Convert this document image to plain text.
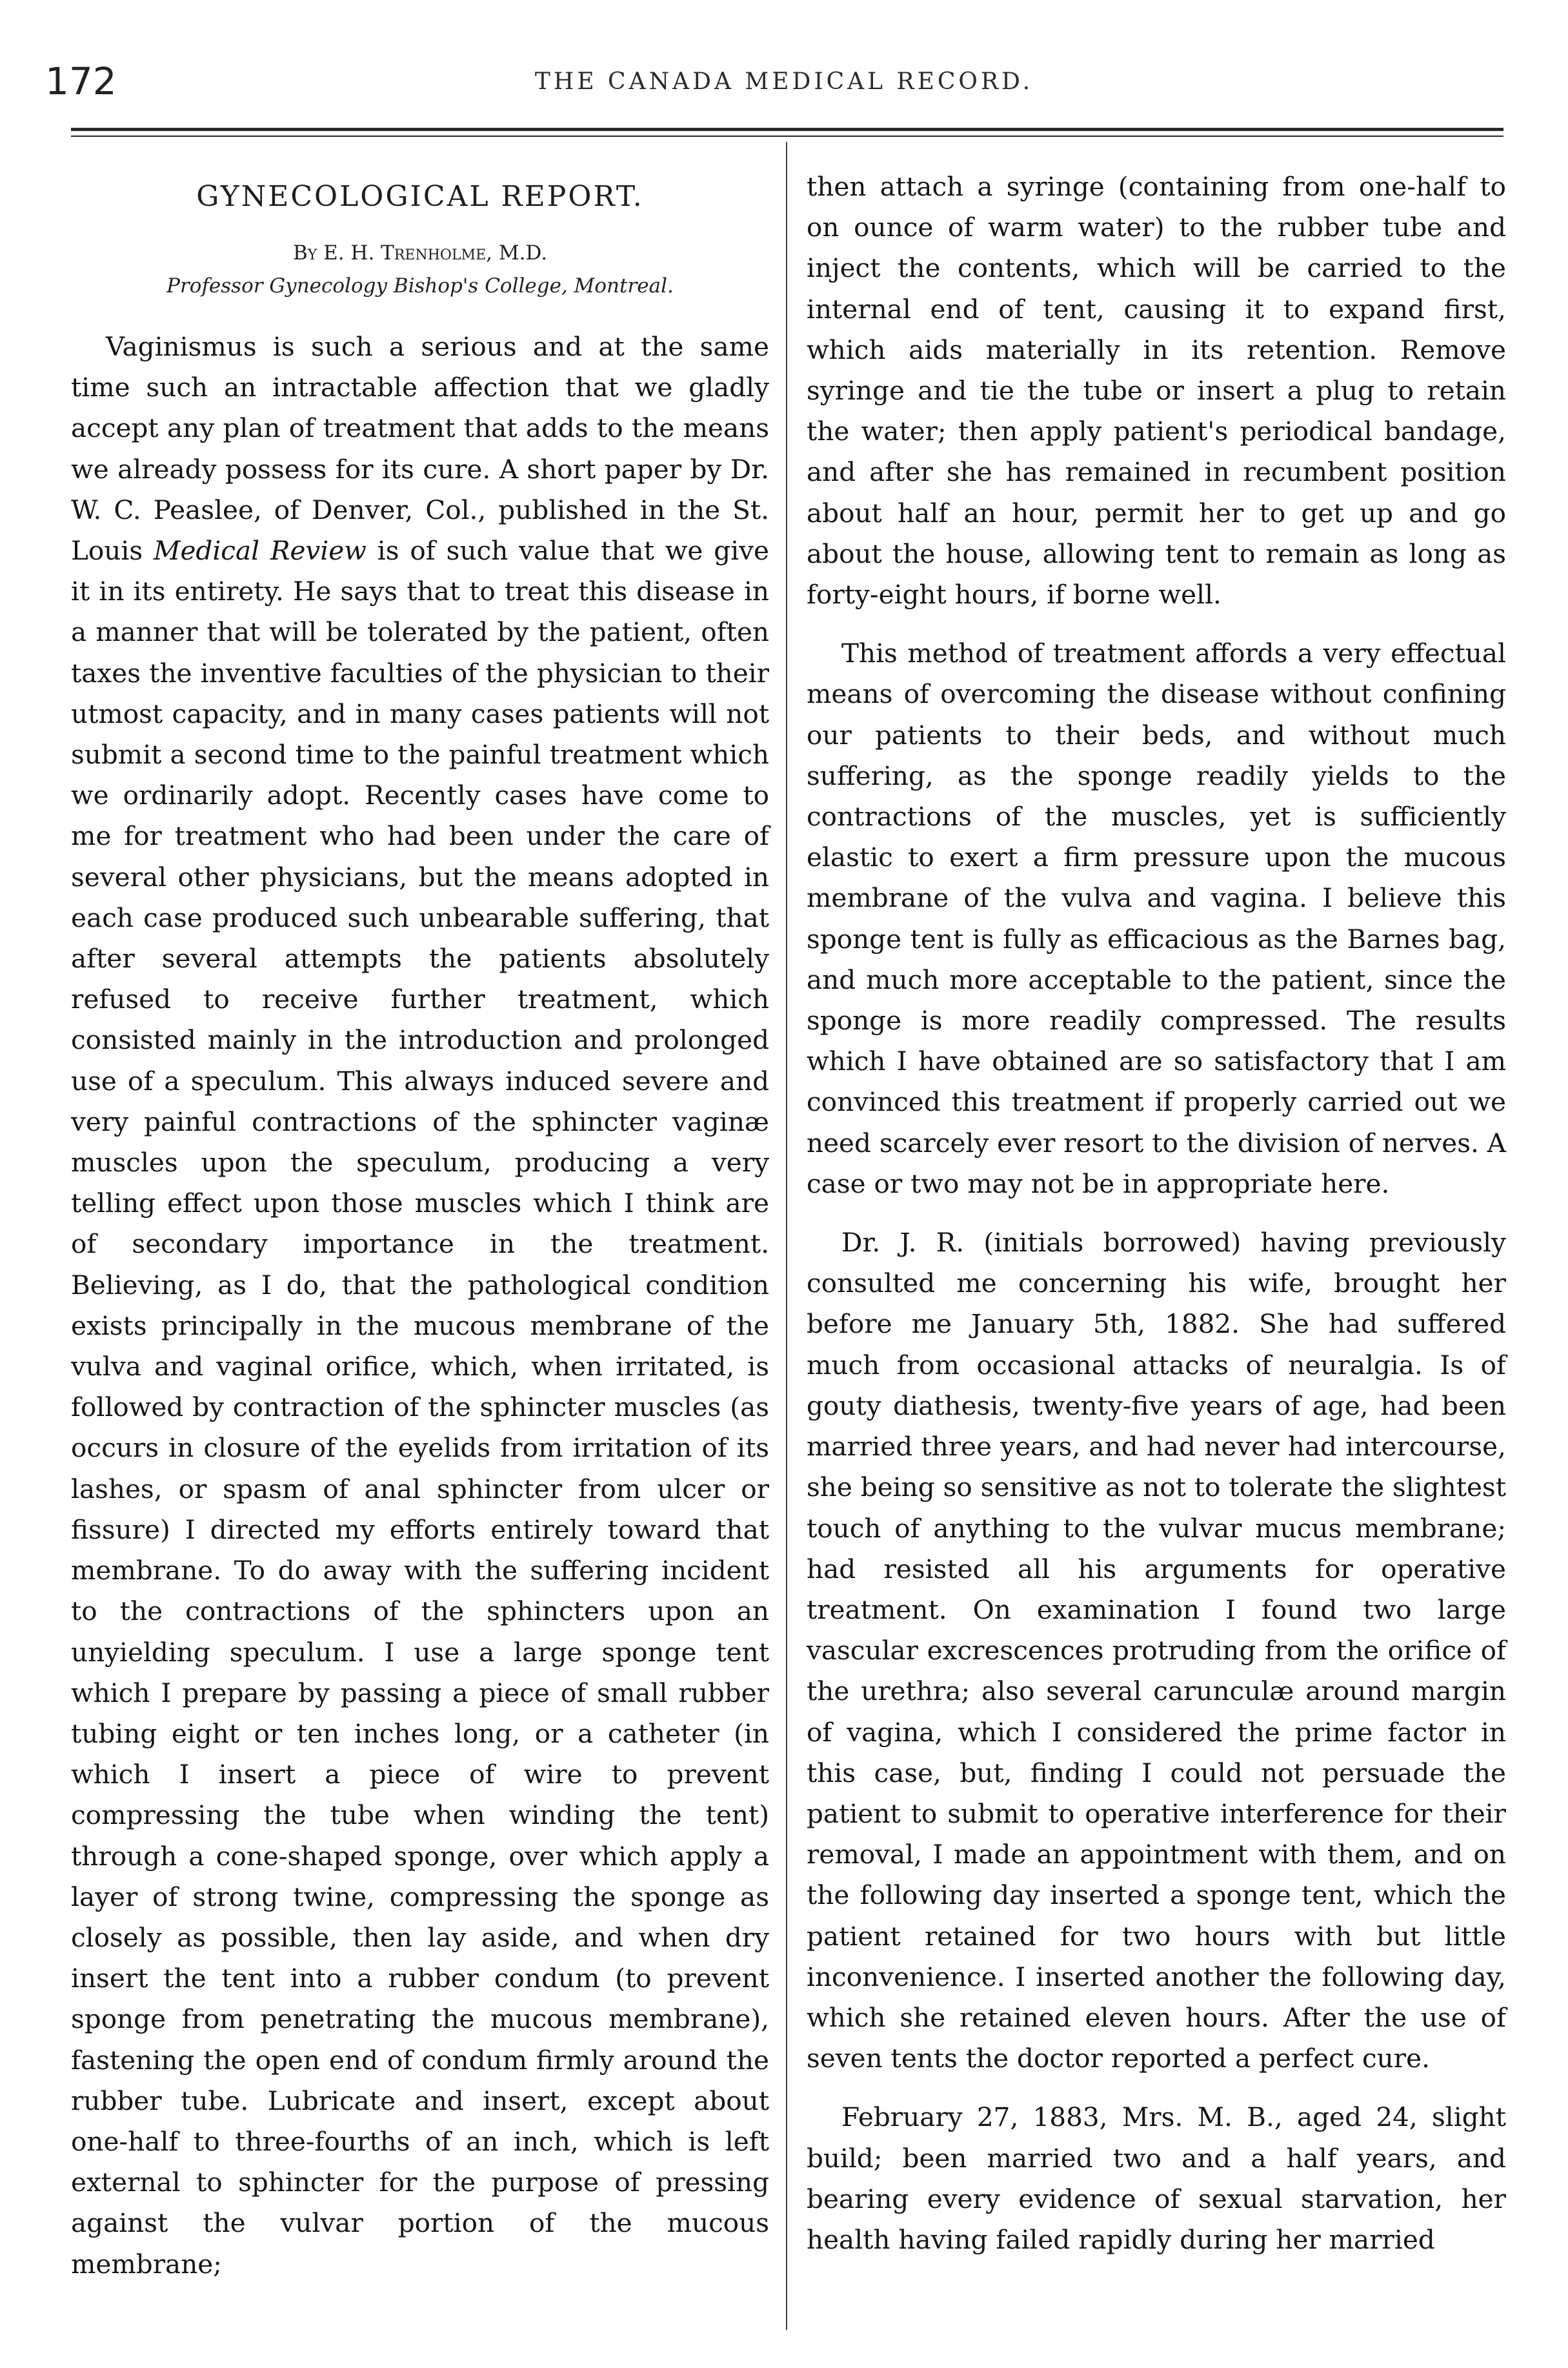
172	THE CANADA MEDICAL RECORD.
GYNECOLOGICAL REPORT.
By E. H. Trenholme, M.D.
Professor Gynecology Bishop's College, Montreal.

Vaginismus is such a serious and at the same time such an intractable affection that we gladly accept any plan of treatment that adds to the means we already possess for its cure. A short paper by Dr. W. C. Peaslee, of Denver, Col., published in the St. Louis Medical Review is of such value that we give it in its entirety. He says that to treat this disease in a manner that will be tolerated by the patient, often taxes the inventive faculties of the physician to their utmost capacity, and in many cases patients will not submit a second time to the painful treatment which we ordinarily adopt. Recently cases have come to me for treatment who had been under the care of several other physicians, but the means adopted in each case produced such unbearable suffering, that after several attempts the patients absolutely refused to receive further treatment, which consisted mainly in the introduction and prolonged use of a speculum. This always induced severe and very painful contractions of the sphincter vaginæ muscles upon the speculum, producing a very telling effect upon those muscles which I think are of secondary importance in the treatment. Believing, as I do, that the pathological condition exists principally in the mucous membrane of the vulva and vaginal orifice, which, when irritated, is followed by contraction of the sphincter muscles (as occurs in closure of the eyelids from irritation of its lashes, or spasm of anal sphincter from ulcer or fissure) I directed my efforts entirely toward that membrane. To do away with the suffering incident to the contractions of the sphincters upon an unyielding speculum. I use a large sponge tent which I prepare by passing a piece of small rubber tubing eight or ten inches long, or a catheter (in which I insert a piece of wire to prevent compressing the tube when winding the tent) through a cone-shaped sponge, over which apply a layer of strong twine, compressing the sponge as closely as possible, then lay aside, and when dry insert the tent into a rubber condum (to prevent sponge from penetrating the mucous membrane), fastening the open end of condum firmly around the rubber tube. Lubricate and insert, except about one-half to three-fourths of an inch, which is left external to sphincter for the purpose of pressing against the vulvar portion of the mucous membrane;

then attach a syringe (containing from one-half to on ounce of warm water) to the rubber tube and inject the contents, which will be carried to the internal end of tent, causing it to expand first, which aids materially in its retention. Remove syringe and tie the tube or insert a plug to retain the water; then apply patient's periodical bandage, and after she has remained in recumbent position about half an hour, permit her to get up and go about the house, allowing tent to remain as long as forty-eight hours, if borne well.

This method of treatment affords a very effectual means of overcoming the disease without confining our patients to their beds, and without much suffering, as the sponge readily yields to the contractions of the muscles, yet is sufficiently elastic to exert a firm pressure upon the mucous membrane of the vulva and vagina. I believe this sponge tent is fully as efficacious as the Barnes bag, and much more acceptable to the patient, since the sponge is more readily compressed. The results which I have obtained are so satisfactory that I am convinced this treatment if properly carried out we need scarcely ever resort to the division of nerves. A case or two may not be in appropriate here.

Dr. J. R. (initials borrowed) having previously consulted me concerning his wife, brought her before me January 5th, 1882. She had suffered much from occasional attacks of neuralgia. Is of gouty diathesis, twenty-five years of age, had been married three years, and had never had intercourse, she being so sensitive as not to tolerate the slightest touch of anything to the vulvar mucus membrane; had resisted all his arguments for operative treatment. On examination I found two large vascular excrescences protruding from the orifice of the urethra; also several carunculæ around margin of vagina, which I considered the prime factor in this case, but, finding I could not persuade the patient to submit to operative interference for their removal, I made an appointment with them, and on the following day inserted a sponge tent, which the patient retained for two hours with but little inconvenience. I inserted another the following day, which she retained eleven hours. After the use of seven tents the doctor reported a perfect cure.

February 27, 1883, Mrs. M. B., aged 24, slight build; been married two and a half years, and bearing every evidence of sexual starvation, her health having failed rapidly during her married
